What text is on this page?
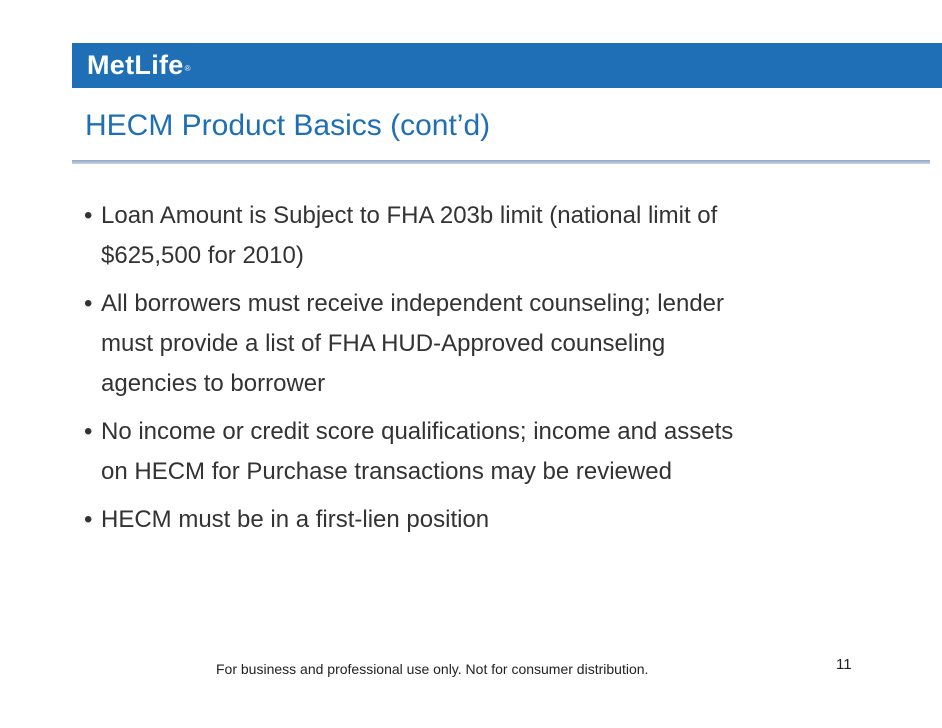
MetLife®
HECM Product Basics (cont’d)
• Loan Amount is Subject to FHA 203b limit (national limit of
$625,500 for 2010)
• All borrowers must receive independent counseling; lender
must provide a list of FHA HUD-Approved counseling
agencies to borrower
• No income or credit score qualifications; income and assets
on HECM for Purchase transactions may be reviewed
• HECM must be in a first-lien position
For business and professional use only. Not for consumer distribution.	11
